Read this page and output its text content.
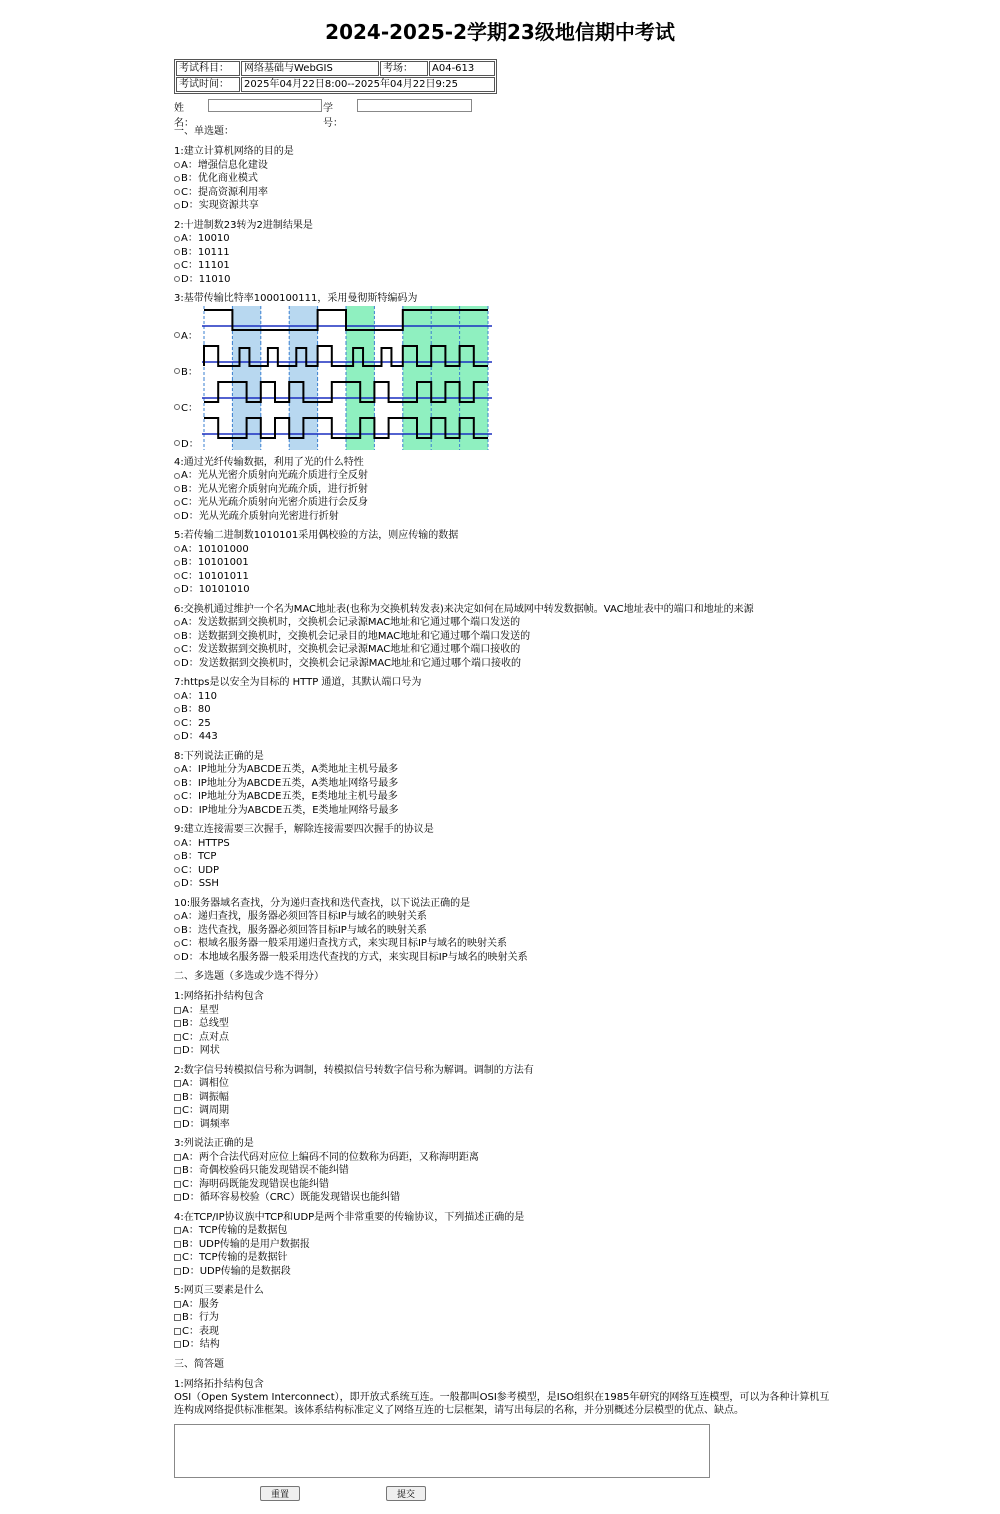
2024-2025-2学期23级地信期中考试
考试科目：	网络基础与WebGIS	考场：	A04-613
考试时间：	2025年04月22日8:00--2025年04月22日9:25		
姓名：
学号：
一、单选题：
1:建立计算机网络的目的是
A：增强信息化建设
B：优化商业模式
C：提高资源利用率
D：实现资源共享
2:十进制数23转为2进制结果是
A：10010
B：10111
C：11101
D：11010
3:基带传输比特率1000100111，采用曼彻斯特编码为
A：
B：
C：
D：
4:通过光纤传输数据，利用了光的什么特性
A：光从光密介质射向光疏介质进行全反射
B：光从光密介质射向光疏介质，进行折射
C：光从光疏介质射向光密介质进行会反身
D：光从光疏介质射向光密进行折射
5:若传输二进制数1010101采用偶校验的方法，则应传输的数据
A：10101000
B：10101001
C：10101011
D：10101010
6:交换机通过维护一个名为MAC地址表(也称为交换机转发表)来决定如何在局域网中转发数据帧。VAC地址表中的端口和地址的来源
A：发送数据到交换机时，交换机会记录源MAC地址和它通过哪个端口发送的
B：送数据到交换机时，交换机会记录目的地MAC地址和它通过哪个端口发送的
C：发送数据到交换机时，交换机会记录源MAC地址和它通过哪个端口接收的
D：发送数据到交换机时，交换机会记录源MAC地址和它通过哪个端口接收的
7:https是以安全为目标的 HTTP 通道，其默认端口号为
A：110
B：80
C：25
D：443
8:下列说法正确的是
A：IP地址分为ABCDE五类，A类地址主机号最多
B：IP地址分为ABCDE五类，A类地址网络号最多
C：IP地址分为ABCDE五类，E类地址主机号最多
D：IP地址分为ABCDE五类，E类地址网络号最多
9:建立连接需要三次握手，解除连接需要四次握手的协议是
A：HTTPS
B：TCP
C：UDP
D：SSH
10:服务器域名查找，分为递归查找和迭代查找，以下说法正确的是
A：递归查找，服务器必须回答目标IP与域名的映射关系
B：迭代查找，服务器必须回答目标IP与域名的映射关系
C：根域名服务器一般采用递归查找方式，来实现目标IP与域名的映射关系
D：本地域名服务器一般采用迭代查找的方式，来实现目标IP与域名的映射关系
二、多选题（多选或少选不得分）
1:网络拓扑结构包含
A：星型
B：总线型
C：点对点
D：网状
2:数字信号转模拟信号称为调制，转模拟信号转数字信号称为解调。调制的方法有
A：调相位
B：调振幅
C：调周期
D：调频率
3:列说法正确的是
A：两个合法代码对应位上编码不同的位数称为码距，又称海明距离
B：奇偶校验码只能发现错误不能纠错
C：海明码既能发现错误也能纠错
D：循环容易校验（CRC）既能发现错误也能纠错
4:在TCP/IP协议族中TCP和UDP是两个非常重要的传输协议，下列描述正确的是
A：TCP传输的是数据包
B：UDP传输的是用户数据报
C：TCP传输的是数据针
D：UDP传输的是数据段
5:网页三要素是什么
A：服务
B：行为
C：表现
D：结构
三、简答题
1:网络拓扑结构包含
OSI（Open System Interconnect），即开放式系统互连。一般都叫OSI参考模型，是ISO组织在1985年研究的网络互连模型，可以为各种计算机互连构成网络提供标准框架。该体系结构标准定义了网络互连的七层框架，请写出每层的名称，并分别概述分层模型的优点、缺点。
重置	提交
